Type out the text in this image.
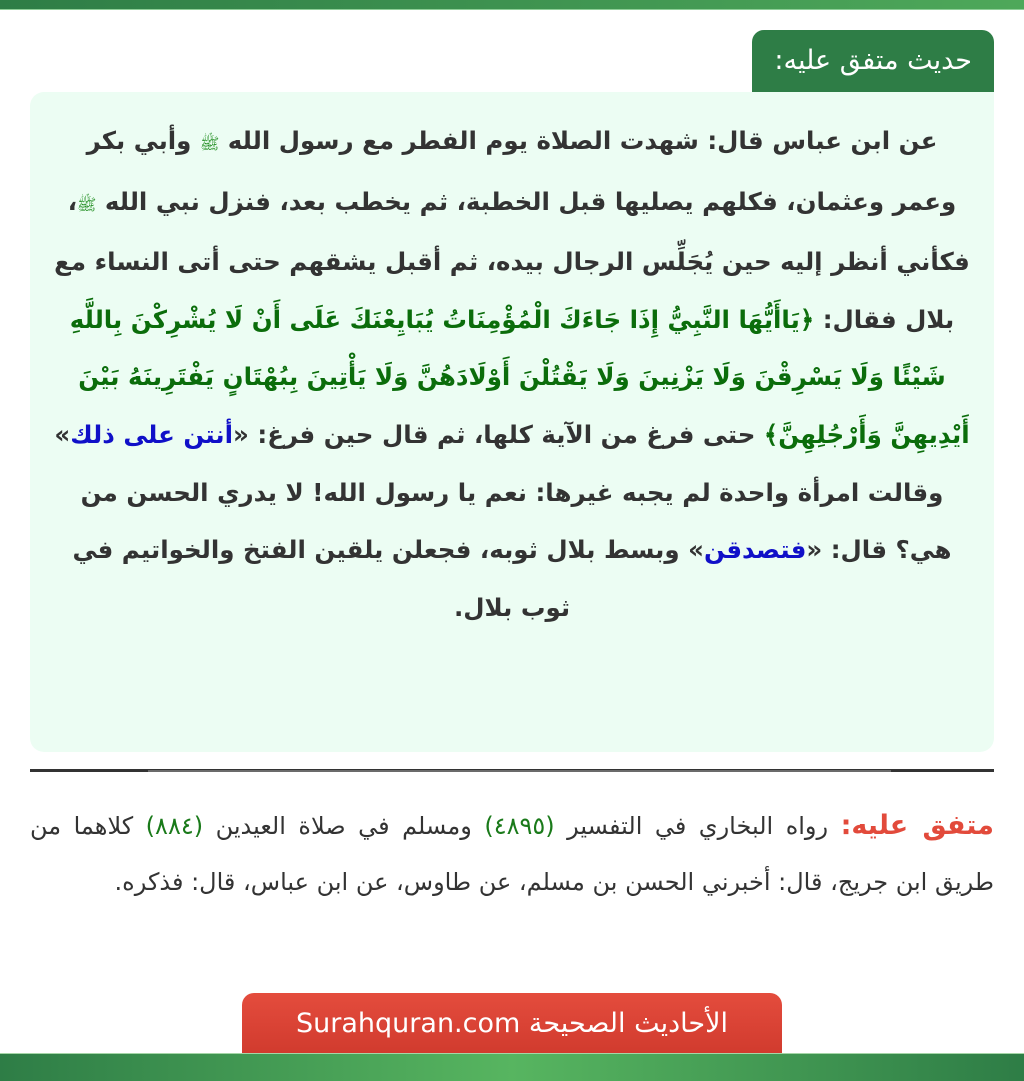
حديث متفق عليه:
عن ابن عباس قال: شهدت الصلاة يوم الفطر مع رسول الله ﷺ وأبي بكر وعمر وعثمان، فكلهم يصليها قبل الخطبة، ثم يخطب بعد، فنزل نبي الله ﷺ، فكأني أنظر إليه حين يُجَلِّس الرجال بيده، ثم أقبل يشقهم حتى أتى النساء مع بلال فقال: ﴿يَاأَيُّهَا النَّبِيُّ إِذَا جَاءَكَ الْمُؤْمِنَاتُ يُبَايِعْنَكَ عَلَى أَنْ لَا يُشْرِكْنَ بِاللَّهِ شَيْئًا وَلَا يَسْرِقْنَ وَلَا يَزْنِينَ وَلَا يَقْتُلْنَ أَوْلَادَهُنَّ وَلَا يَأْتِينَ بِبُهْتَانٍ يَفْتَرِينَهُ بَيْنَ أَيْدِيهِنَّ وَأَرْجُلِهِنَّ﴾ حتى فرغ من الآية كلها، ثم قال حين فرغ: «أنتن على ذلك» وقالت امرأة واحدة لم يجبه غيرها: نعم يا رسول الله! لا يدري الحسن من هي؟ قال: «فتصدقن» وبسط بلال ثوبه، فجعلن يلقين الفتخ والخواتيم في ثوب بلال.
متفق عليه: رواه البخاري في التفسير (٤٨٩٥) ومسلم في صلاة العيدين (٨٨٤) كلاهما من طريق ابن جريج، قال: أخبرني الحسن بن مسلم، عن طاوس، عن ابن عباس، قال: فذكره.
الأحاديث الصحيحة Surahquran.com
